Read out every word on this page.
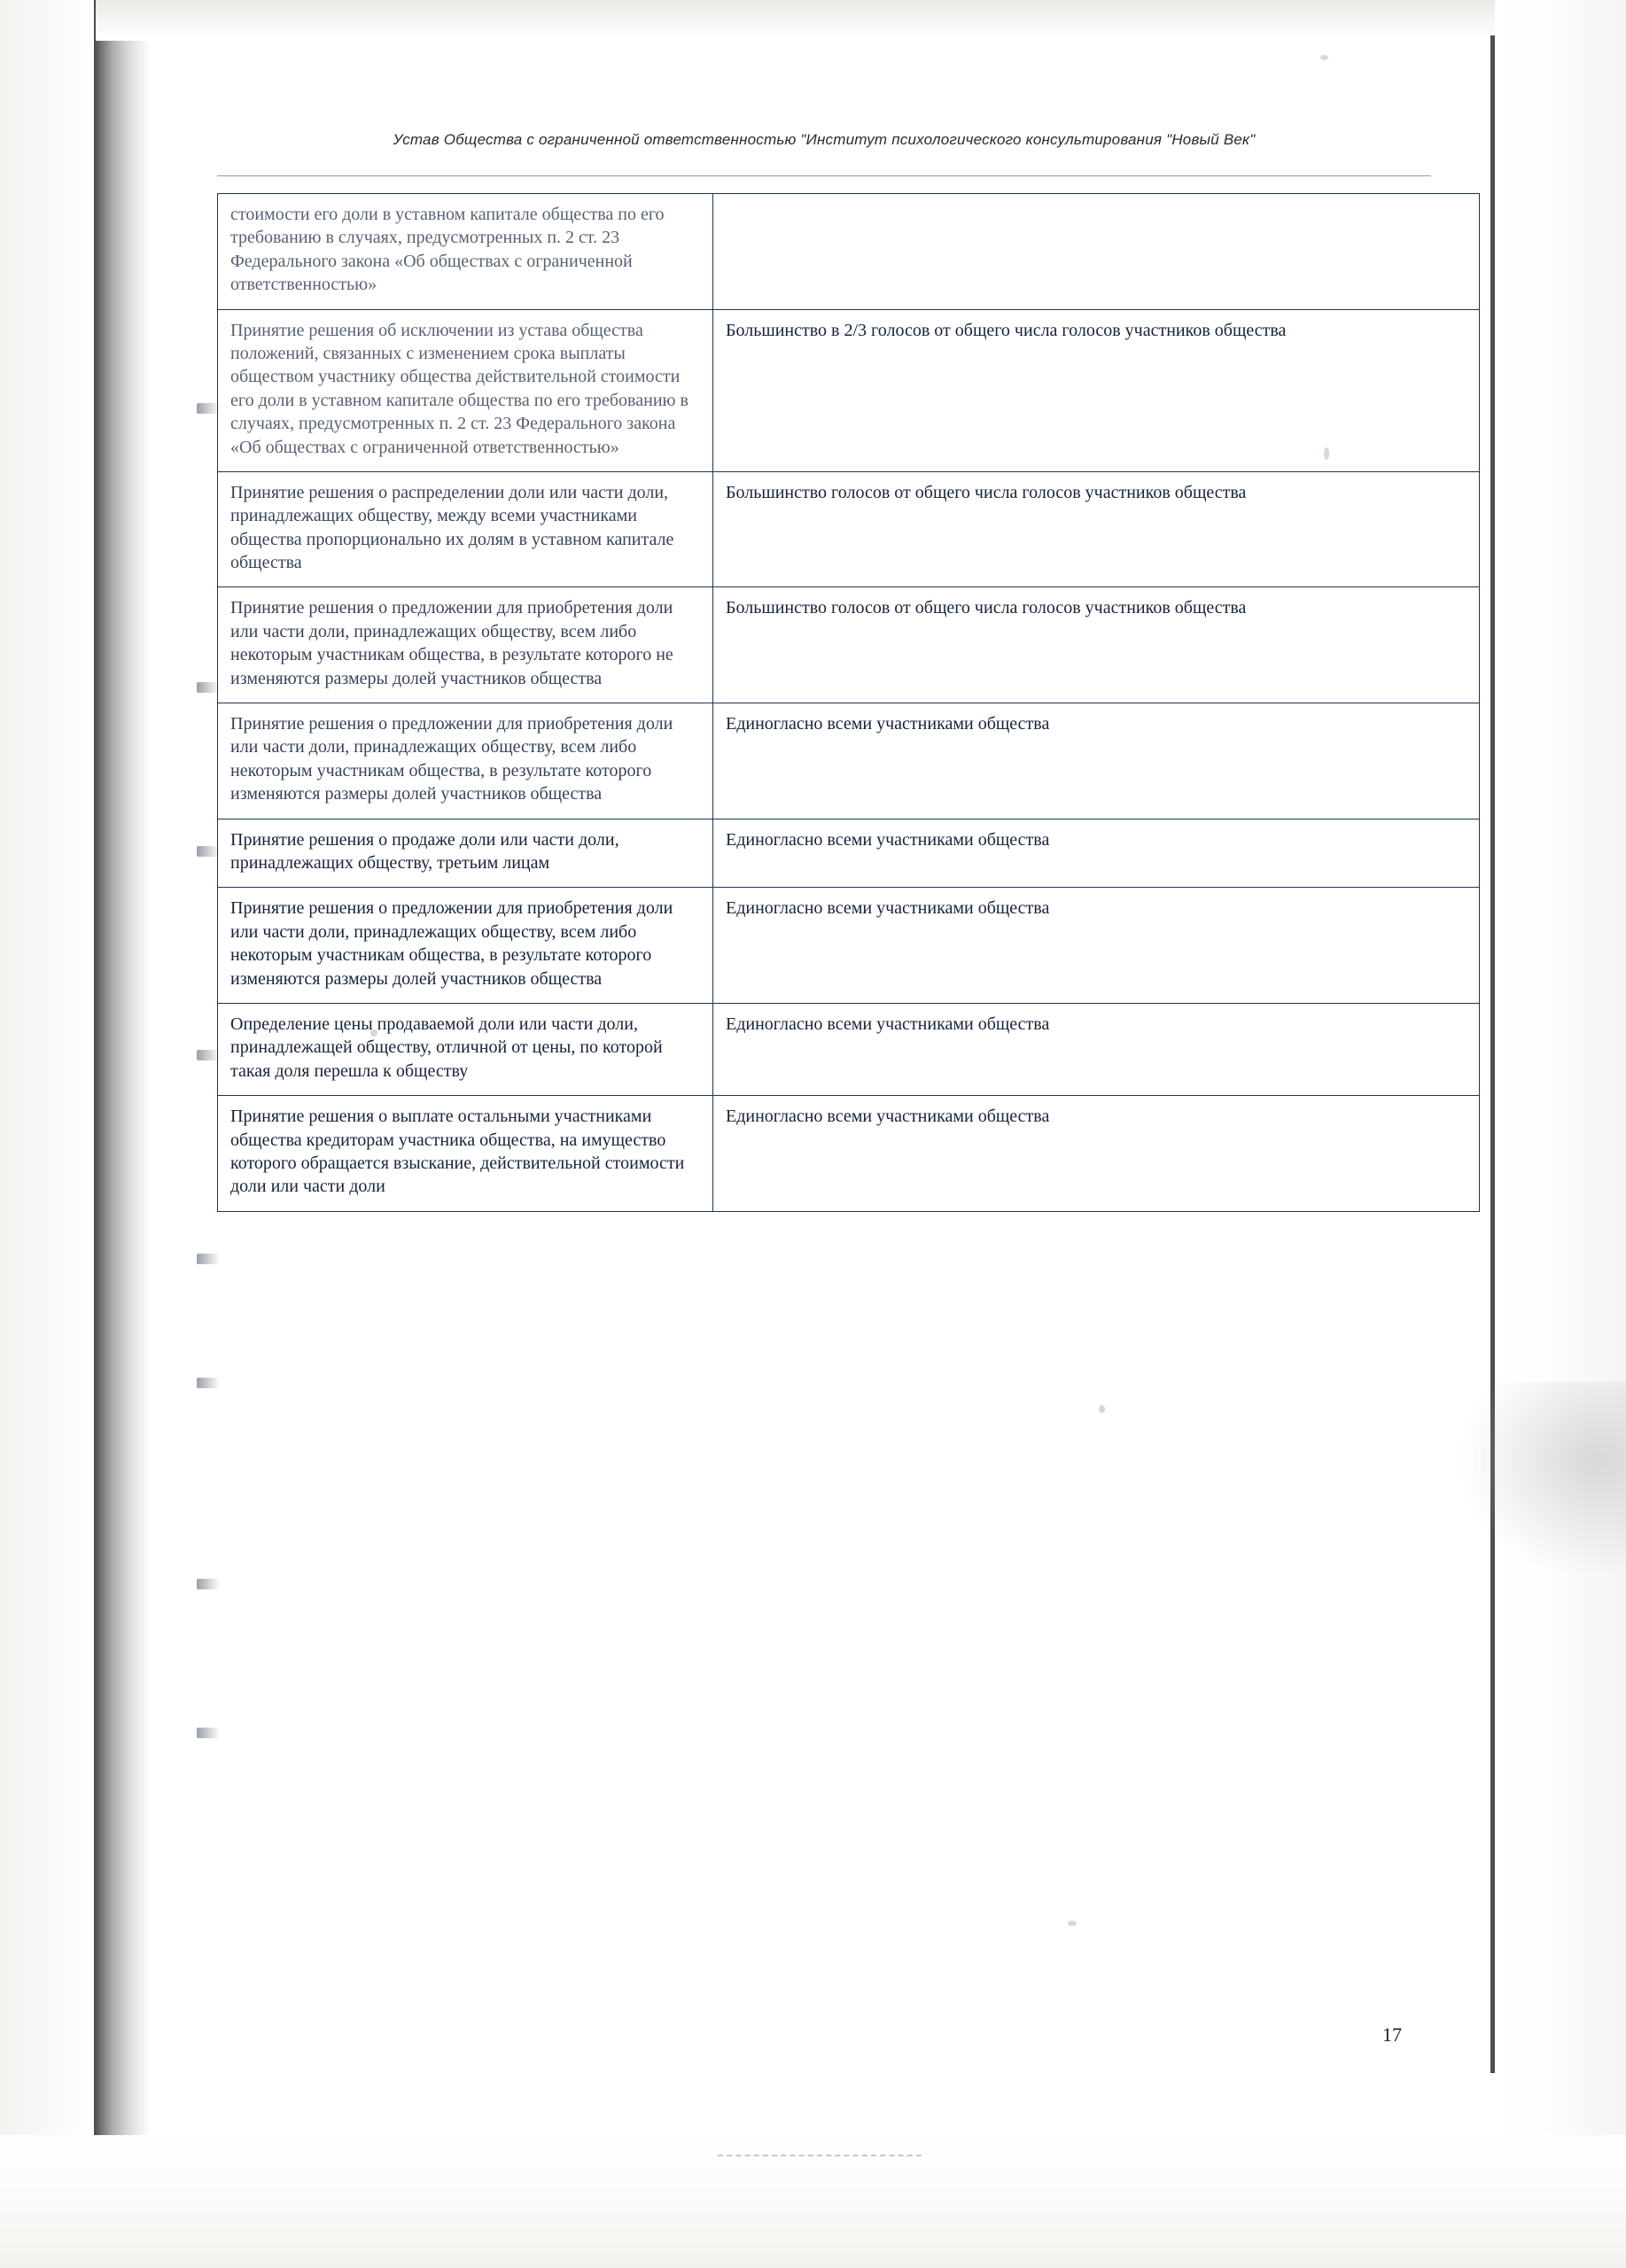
Устав Общества с ограниченной ответственностью "Институт психологического консультирования "Новый Век"
стоимости его доли в уставном капитале общества по его требованию в случаях, предусмотренных п. 2 ст. 23 Федерального закона «Об обществах с ограниченной ответственностью»	
Принятие решения об исключении из устава общества положений, связанных с изменением срока выплаты обществом участнику общества действительной стоимости его доли в уставном капитале общества по его требованию в случаях, предусмотренных п. 2 ст. 23 Федерального закона «Об обществах с ограниченной ответственностью»	Большинство в 2/3 голосов от общего числа голосов участников общества
Принятие решения о распределении доли или части доли, принадлежащих обществу, между всеми участниками общества пропорционально их долям в уставном капитале общества	Большинство голосов от общего числа голосов участников общества
Принятие решения о предложении для приобретения доли или части доли, принадлежащих обществу, всем либо некоторым участникам общества, в результате которого не изменяются размеры долей участников общества	Большинство голосов от общего числа голосов участников общества
Принятие решения о предложении для приобретения доли или части доли, принадлежащих обществу, всем либо некоторым участникам общества, в результате которого изменяются размеры долей участников общества	Единогласно всеми участниками общества
Принятие решения о продаже доли или части доли, принадлежащих обществу, третьим лицам	Единогласно всеми участниками общества
Принятие решения о предложении для приобретения доли или части доли, принадлежащих обществу, всем либо некоторым участникам общества, в результате которого изменяются размеры долей участников общества	Единогласно всеми участниками общества
Определение цены продаваемой доли или части доли, принадлежащей обществу, отличной от цены, по которой такая доля перешла к обществу	Единогласно всеми участниками общества
Принятие решения о выплате остальными участниками общества кредиторам участника общества, на имущество которого обращается взыскание, действительной стоимости доли или части доли	Единогласно всеми участниками общества
17
